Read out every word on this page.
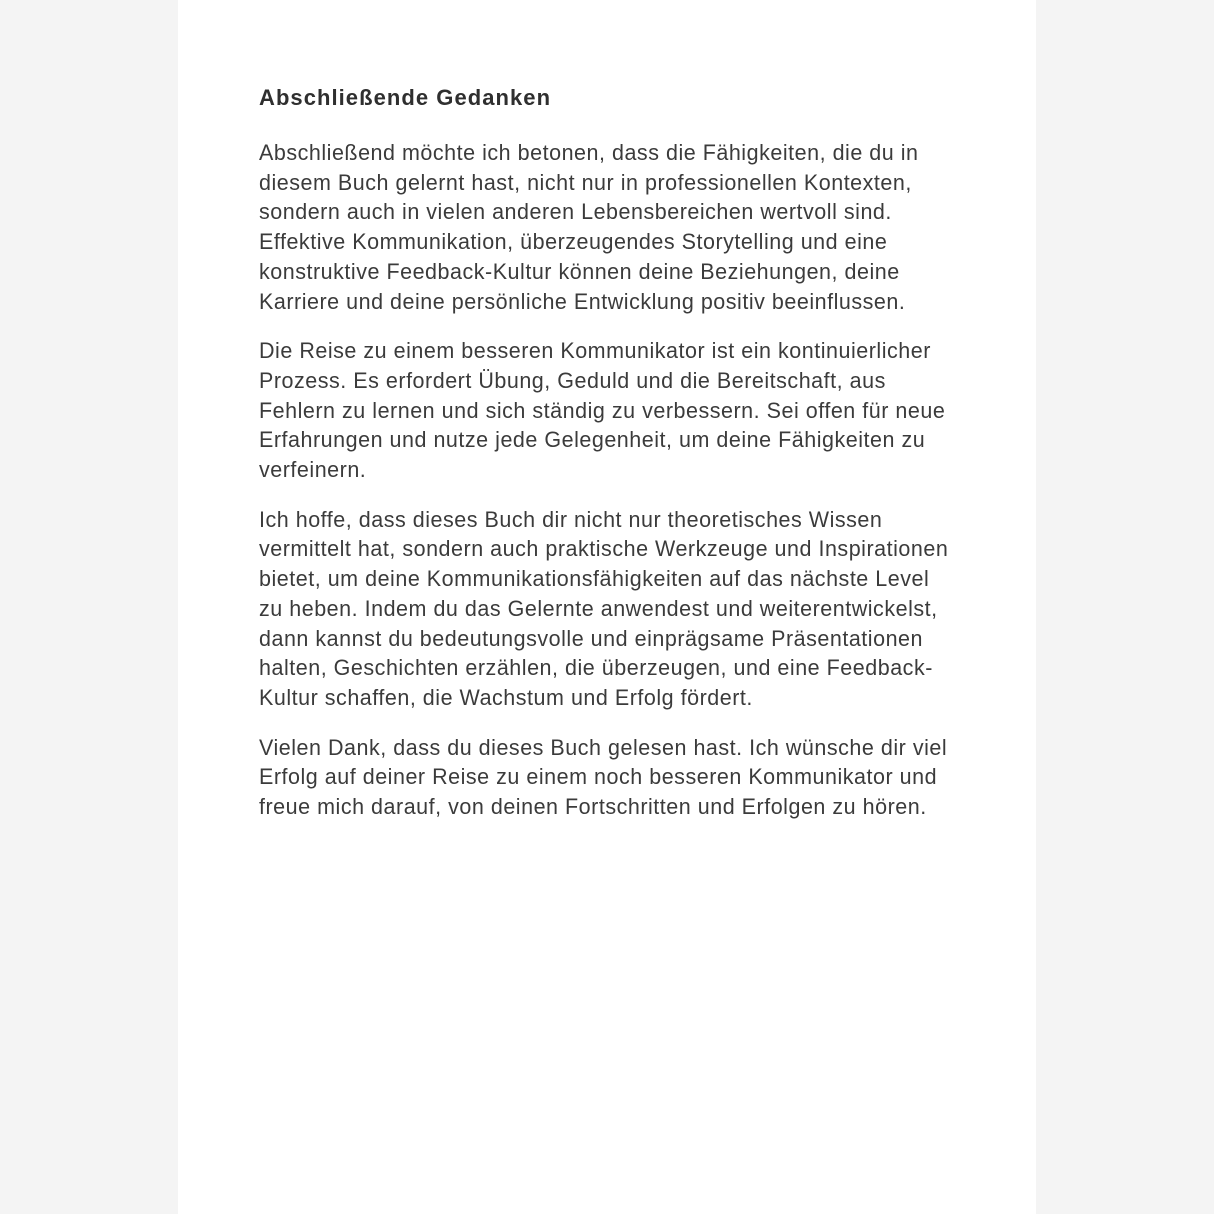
Abschließende Gedanken

Abschließend möchte ich betonen, dass die Fähigkeiten, die du in diesem Buch gelernt hast, nicht nur in professionellen Kontexten, sondern auch in vielen anderen Lebensbereichen wertvoll sind. Effektive Kommunikation, überzeugendes Storytelling und eine konstruktive Feedback-Kultur können deine Beziehungen, deine Karriere und deine persönliche Entwicklung positiv beeinflussen.

Die Reise zu einem besseren Kommunikator ist ein kontinuierlicher Prozess. Es erfordert Übung, Geduld und die Bereitschaft, aus Fehlern zu lernen und sich ständig zu verbessern. Sei offen für neue Erfahrungen und nutze jede Gelegenheit, um deine Fähigkeiten zu verfeinern.

Ich hoffe, dass dieses Buch dir nicht nur theoretisches Wissen vermittelt hat, sondern auch praktische Werkzeuge und Inspirationen bietet, um deine Kommunikationsfähigkeiten auf das nächste Level zu heben. Indem du das Gelernte anwendest und weiterentwickelst, dann kannst du bedeutungsvolle und einprägsame Präsentationen halten, Geschichten erzählen, die überzeugen, und eine Feedback-Kultur schaffen, die Wachstum und Erfolg fördert.

Vielen Dank, dass du dieses Buch gelesen hast. Ich wünsche dir viel Erfolg auf deiner Reise zu einem noch besseren Kommunikator und freue mich darauf, von deinen Fortschritten und Erfolgen zu hören.
